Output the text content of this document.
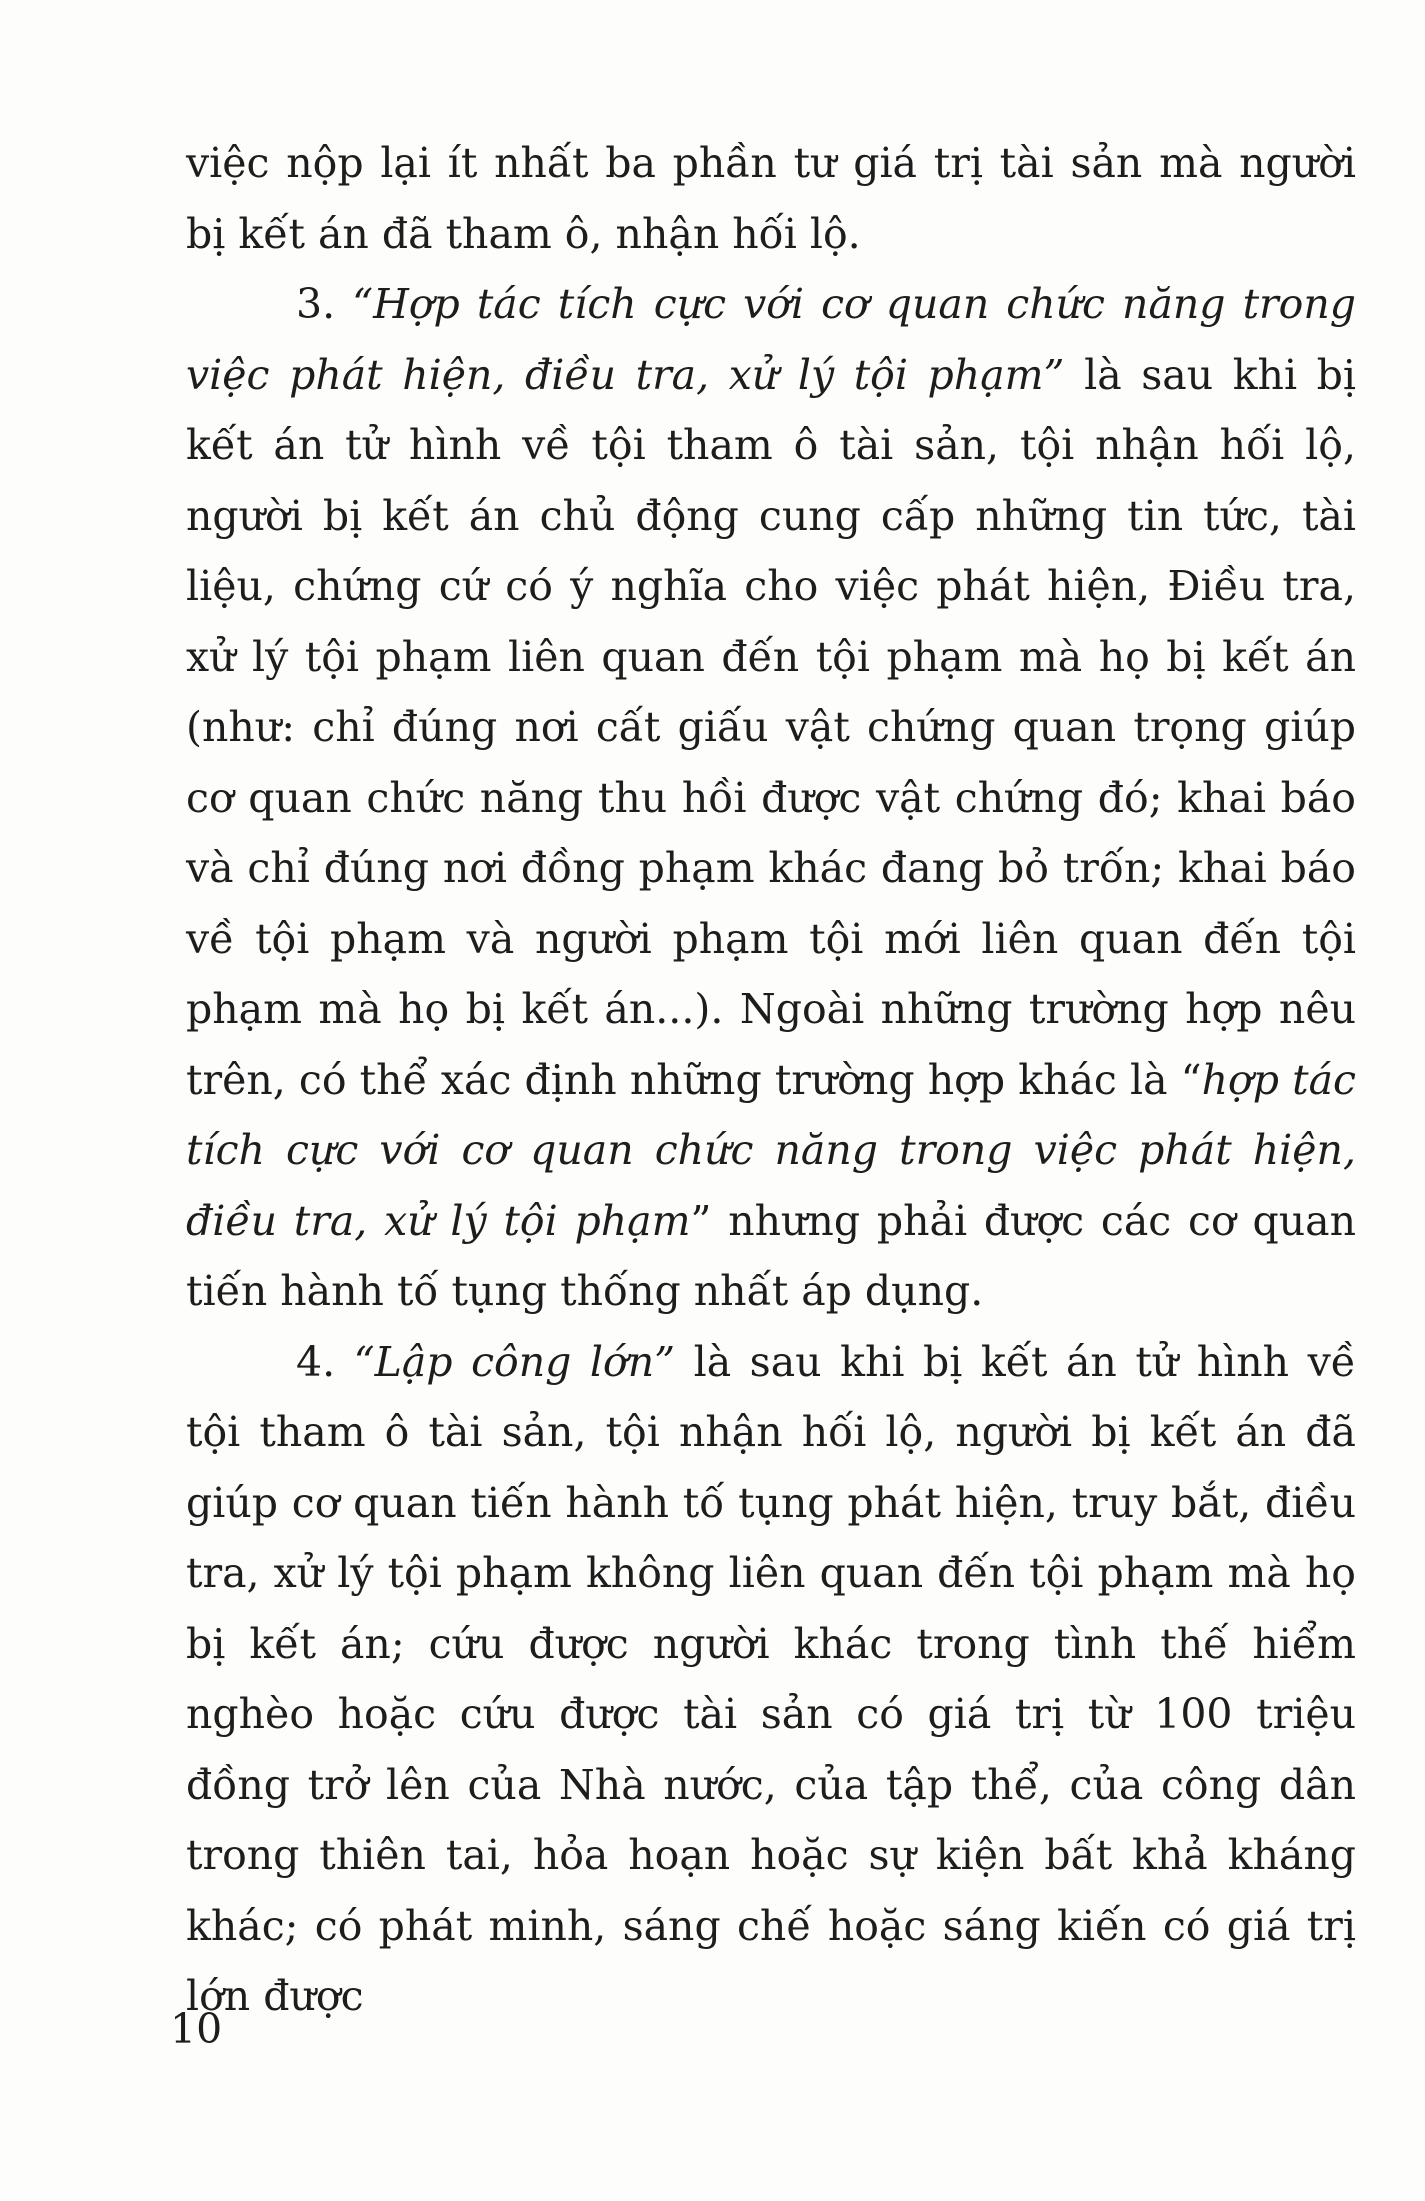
việc nộp lại ít nhất ba phần tư giá trị tài sản mà người bị kết án đã tham ô, nhận hối lộ.

3. “Hợp tác tích cực với cơ quan chức năng trong việc phát hiện, điều tra, xử lý tội phạm” là sau khi bị kết án tử hình về tội tham ô tài sản, tội nhận hối lộ, người bị kết án chủ động cung cấp những tin tức, tài liệu, chứng cứ có ý nghĩa cho việc phát hiện, Điều tra, xử lý tội phạm liên quan đến tội phạm mà họ bị kết án (như: chỉ đúng nơi cất giấu vật chứng quan trọng giúp cơ quan chức năng thu hồi được vật chứng đó; khai báo và chỉ đúng nơi đồng phạm khác đang bỏ trốn; khai báo về tội phạm và người phạm tội mới liên quan đến tội phạm mà họ bị kết án...). Ngoài những trường hợp nêu trên, có thể xác định những trường hợp khác là “hợp tác tích cực với cơ quan chức năng trong việc phát hiện, điều tra, xử lý tội phạm” nhưng phải được các cơ quan tiến hành tố tụng thống nhất áp dụng.

4. “Lập công lớn” là sau khi bị kết án tử hình về tội tham ô tài sản, tội nhận hối lộ, người bị kết án đã giúp cơ quan tiến hành tố tụng phát hiện, truy bắt, điều tra, xử lý tội phạm không liên quan đến tội phạm mà họ bị kết án; cứu được người khác trong tình thế hiểm nghèo hoặc cứu được tài sản có giá trị từ 100 triệu đồng trở lên của Nhà nước, của tập thể, của công dân trong thiên tai, hỏa hoạn hoặc sự kiện bất khả kháng khác; có phát minh, sáng chế hoặc sáng kiến có giá trị lớn được

10
